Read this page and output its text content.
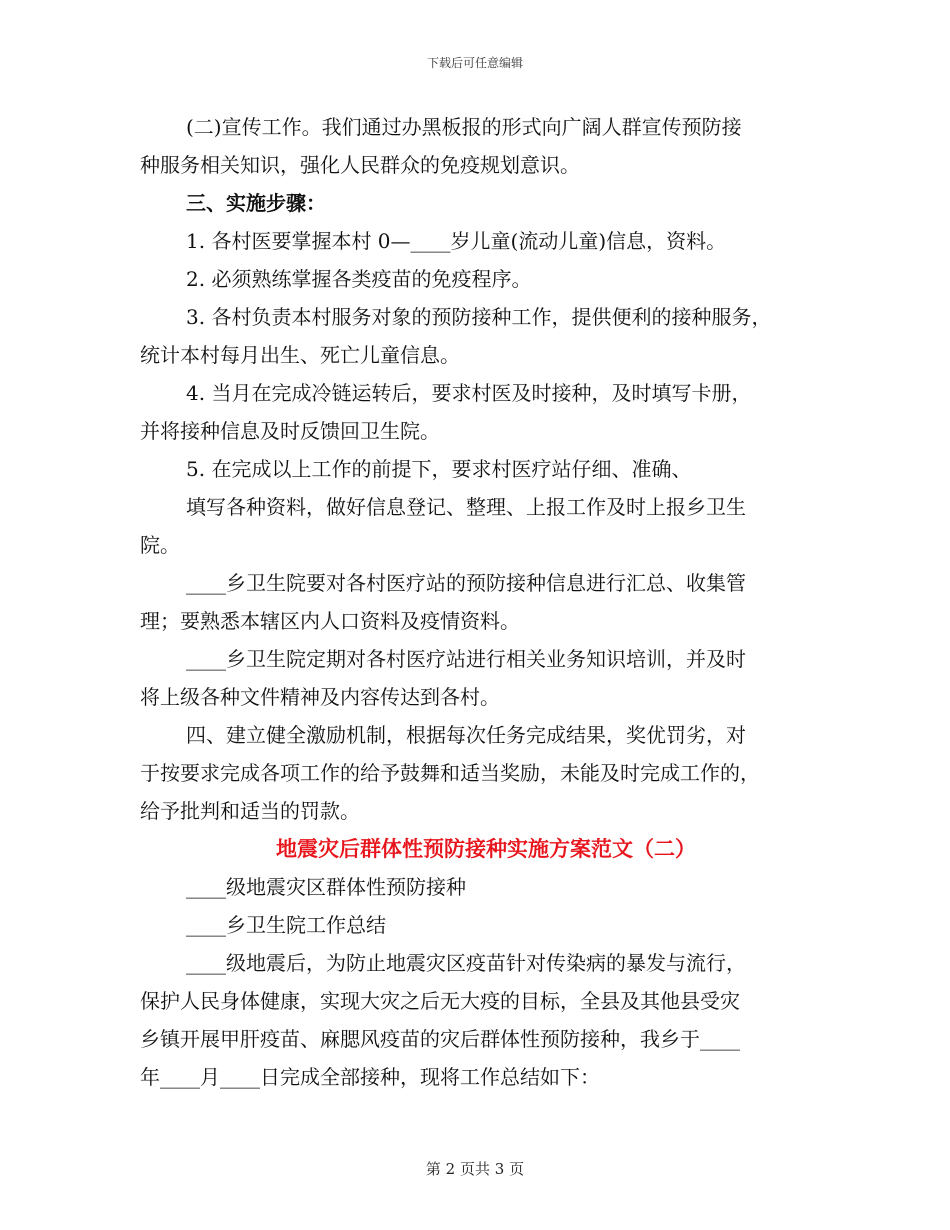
下载后可任意编辑
(二)宣传工作。我们通过办黑板报的形式向广阔人群宣传预防接
种服务相关知识，强化人民群众的免疫规划意识。
三、实施步骤：
1. 各村医要掌握本村 0—____岁儿童(流动儿童)信息，资料。
2. 必须熟练掌握各类疫苗的免疫程序。
3. 各村负责本村服务对象的预防接种工作，提供便利的接种服务，
统计本村每月出生、死亡儿童信息。
4. 当月在完成冷链运转后，要求村医及时接种，及时填写卡册，
并将接种信息及时反馈回卫生院。
5. 在完成以上工作的前提下，要求村医疗站仔细、准确、
填写各种资料，做好信息登记、整理、上报工作及时上报乡卫生
院。
____乡卫生院要对各村医疗站的预防接种信息进行汇总、收集管
理；要熟悉本辖区内人口资料及疫情资料。
____乡卫生院定期对各村医疗站进行相关业务知识培训，并及时
将上级各种文件精神及内容传达到各村。
四、建立健全激励机制，根据每次任务完成结果，奖优罚劣，对
于按要求完成各项工作的给予鼓舞和适当奖励，未能及时完成工作的，
给予批判和适当的罚款。
地震灾后群体性预防接种实施方案范文（二）
____级地震灾区群体性预防接种
____乡卫生院工作总结
____级地震后，为防止地震灾区疫苗针对传染病的暴发与流行，
保护人民身体健康，实现大灾之后无大疫的目标，全县及其他县受灾
乡镇开展甲肝疫苗、麻腮风疫苗的灾后群体性预防接种，我乡于____
年____月____日完成全部接种，现将工作总结如下：
第 2 页共 3 页
